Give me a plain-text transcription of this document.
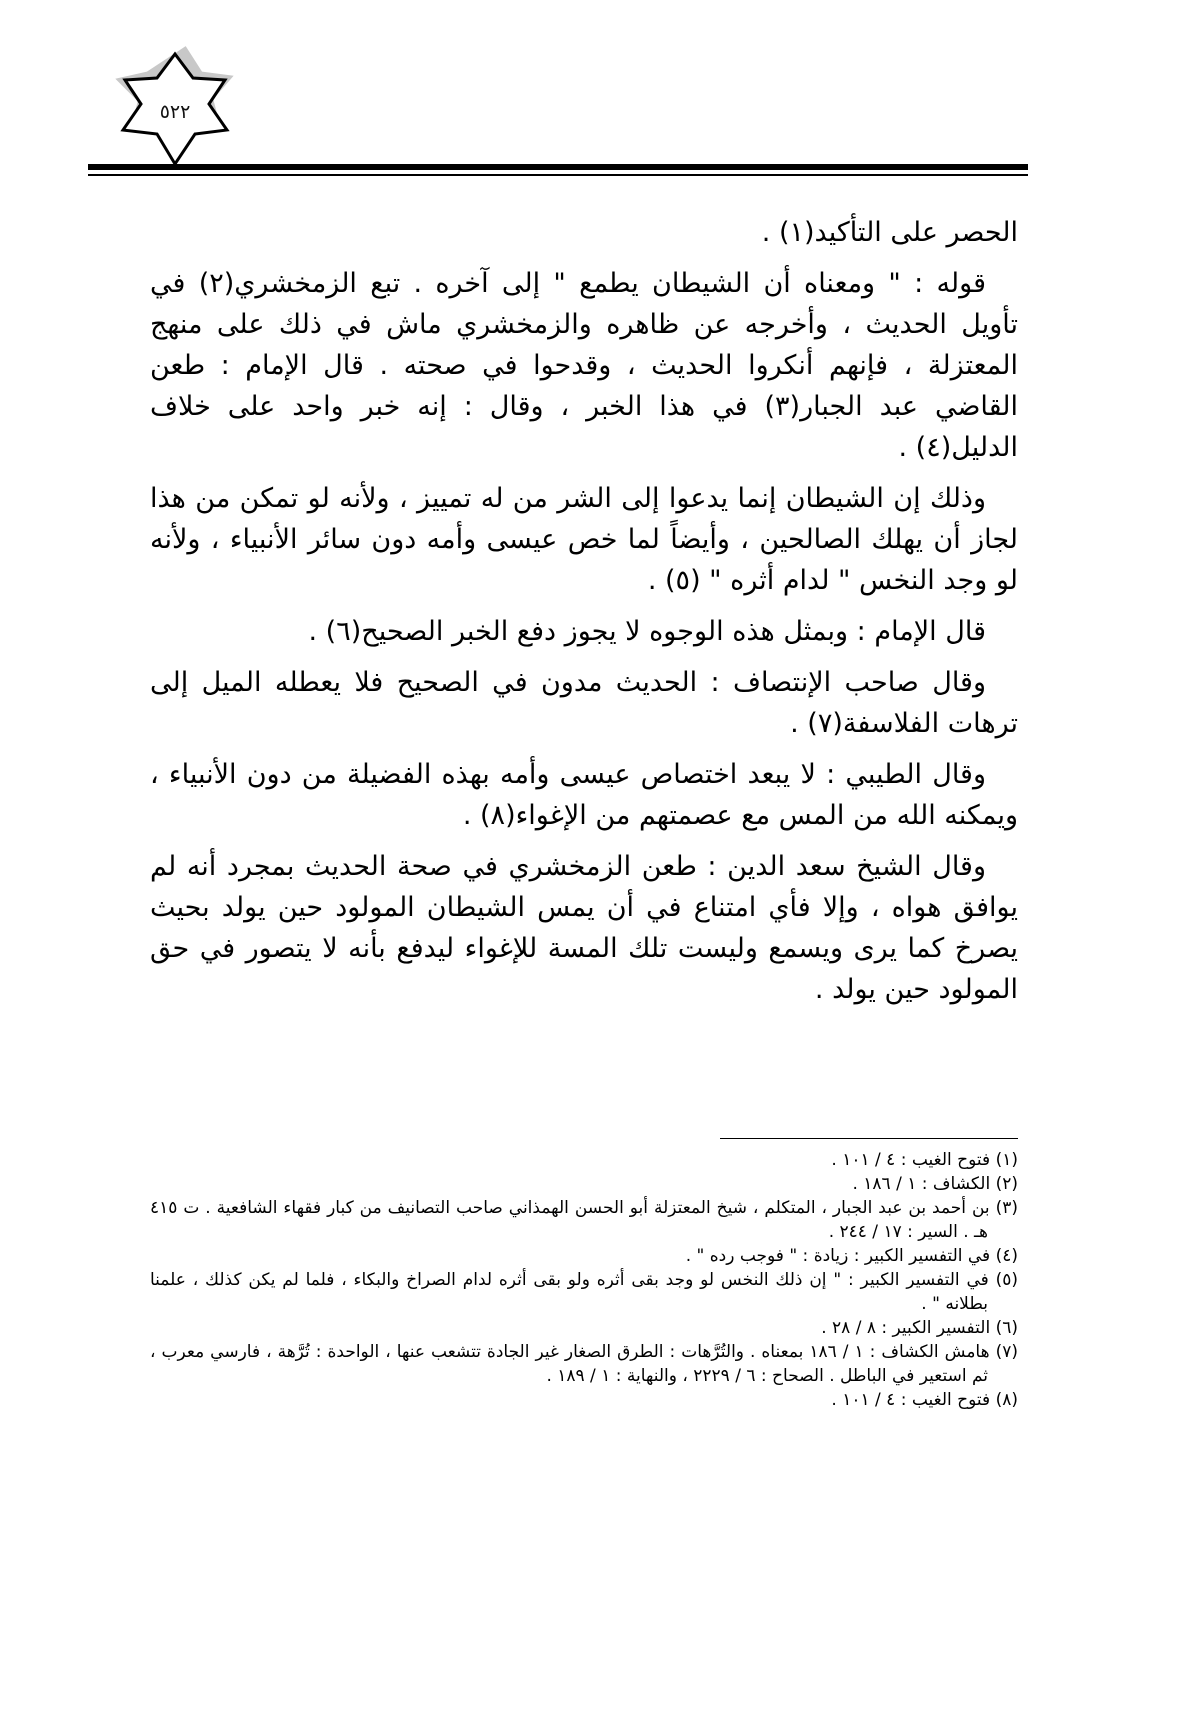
٥٢٢

الحصر على التأكيد(١) .

قوله : " ومعناه أن الشيطان يطمع " إلى آخره . تبع الزمخشري(٢) في تأويل الحديث ، وأخرجه عن ظاهره والزمخشري ماش في ذلك على منهج المعتزلة ، فإنهم أنكروا الحديث ، وقدحوا في صحته . قال الإمام : طعن القاضي عبد الجبار(٣) في هذا الخبر ، وقال : إنه خبر واحد على خلاف الدليل(٤) .

وذلك إن الشيطان إنما يدعوا إلى الشر من له تمييز ، ولأنه لو تمكن من هذا لجاز أن يهلك الصالحين ، وأيضاً لما خص عيسى وأمه دون سائر الأنبياء ، ولأنه لو وجد النخس " لدام أثره " (٥) .

قال الإمام : وبمثل هذه الوجوه لا يجوز دفع الخبر الصحيح(٦) .

وقال صاحب الإنتصاف : الحديث مدون في الصحيح فلا يعطله الميل إلى ترهات الفلاسفة(٧) .

وقال الطيبي : لا يبعد اختصاص عيسى وأمه بهذه الفضيلة من دون الأنبياء ، ويمكنه الله من المس مع عصمتهم من الإغواء(٨) .

وقال الشيخ سعد الدين : طعن الزمخشري في صحة الحديث بمجرد أنه لم يوافق هواه ، وإلا فأي امتناع في أن يمس الشيطان المولود حين يولد بحيث يصرخ كما يرى ويسمع وليست تلك المسة للإغواء ليدفع بأنه لا يتصور في حق المولود حين يولد .

(١) فتوح الغيب : ٤ / ١٠١ .

(٢) الكشاف : ١ / ١٨٦ .

(٣) بن أحمد بن عبد الجبار ، المتكلم ، شيخ المعتزلة أبو الحسن الهمذاني صاحب التصانيف من كبار فقهاء الشافعية . ت ٤١٥ هـ . السير : ١٧ / ٢٤٤ .

(٤) في التفسير الكبير : زيادة : " فوجب رده " .

(٥) في التفسير الكبير : " إن ذلك النخس لو وجد بقى أثره ولو بقى أثره لدام الصراخ والبكاء ، فلما لم يكن كذلك ، علمنا بطلانه " .

(٦) التفسير الكبير : ٨ / ٢٨ .

(٧) هامش الكشاف : ١ / ١٨٦ بمعناه . والتُرَّهات : الطرق الصغار غير الجادة تتشعب عنها ، الواحدة : تُرَّهة ، فارسي معرب ، ثم استعير في الباطل . الصحاح : ٦ / ٢٢٢٩ ، والنهاية : ١ / ١٨٩ .

(٨) فتوح الغيب : ٤ / ١٠١ .
